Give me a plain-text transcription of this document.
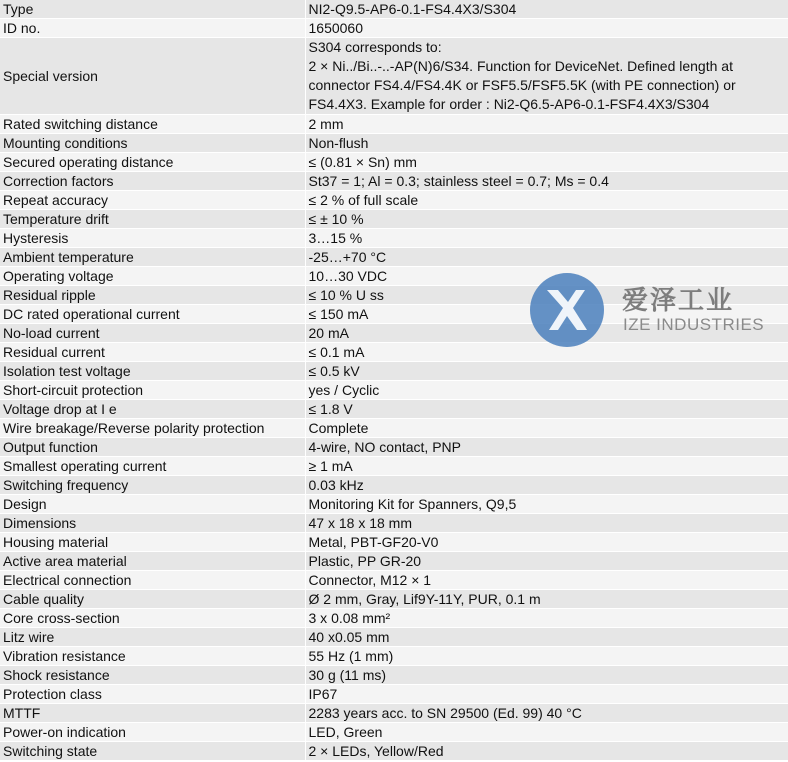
Type	NI2-Q9.5-AP6-0.1-FS4.4X3/S304
ID no.	1650060
Special version	S304 corresponds to:
2 × Ni../Bi..-..-AP(N)6/S34. Function for DeviceNet. Defined length at connector FS4.4/FS4.4K or FSF5.5/FSF5.5K (with PE connection) or FS4.4X3. Example for order : Ni2-Q6.5-AP6-0.1-FSF4.4X3/S304
Rated switching distance	2 mm
Mounting conditions	Non-flush
Secured operating distance	≤ (0.81 × Sn) mm
Correction factors	St37 = 1; Al = 0.3; stainless steel = 0.7; Ms = 0.4
Repeat accuracy	≤ 2 % of full scale
Temperature drift	≤ ± 10 %
Hysteresis	3…15 %
Ambient temperature	-25…+70 °C
Operating voltage	10…30 VDC
Residual ripple	≤ 10 % U ss
DC rated operational current	≤ 150 mA
No-load current	20 mA
Residual current	≤ 0.1 mA
Isolation test voltage	≤ 0.5 kV
Short-circuit protection	yes / Cyclic
Voltage drop at I e	≤ 1.8 V
Wire breakage/Reverse polarity protection	Complete
Output function	4-wire, NO contact, PNP
Smallest operating current	≥ 1 mA
Switching frequency	0.03 kHz
Design	Monitoring Kit for Spanners, Q9,5
Dimensions	47 x 18 x 18 mm
Housing material	Metal, PBT-GF20-V0
Active area material	Plastic, PP GR-20
Electrical connection	Connector, M12 × 1
Cable quality	Ø 2 mm, Gray, Lif9Y-11Y, PUR, 0.1 m
Core cross-section	3 x 0.08 mm²
Litz wire	40 x0.05 mm
Vibration resistance	55 Hz (1 mm)
Shock resistance	30 g (11 ms)
Protection class	IP67
MTTF	2283 years acc. to SN 29500 (Ed. 99) 40 °C
Power-on indication	LED, Green
Switching state	2 × LEDs, Yellow/Red
爱泽工业
IZE INDUSTRIES
